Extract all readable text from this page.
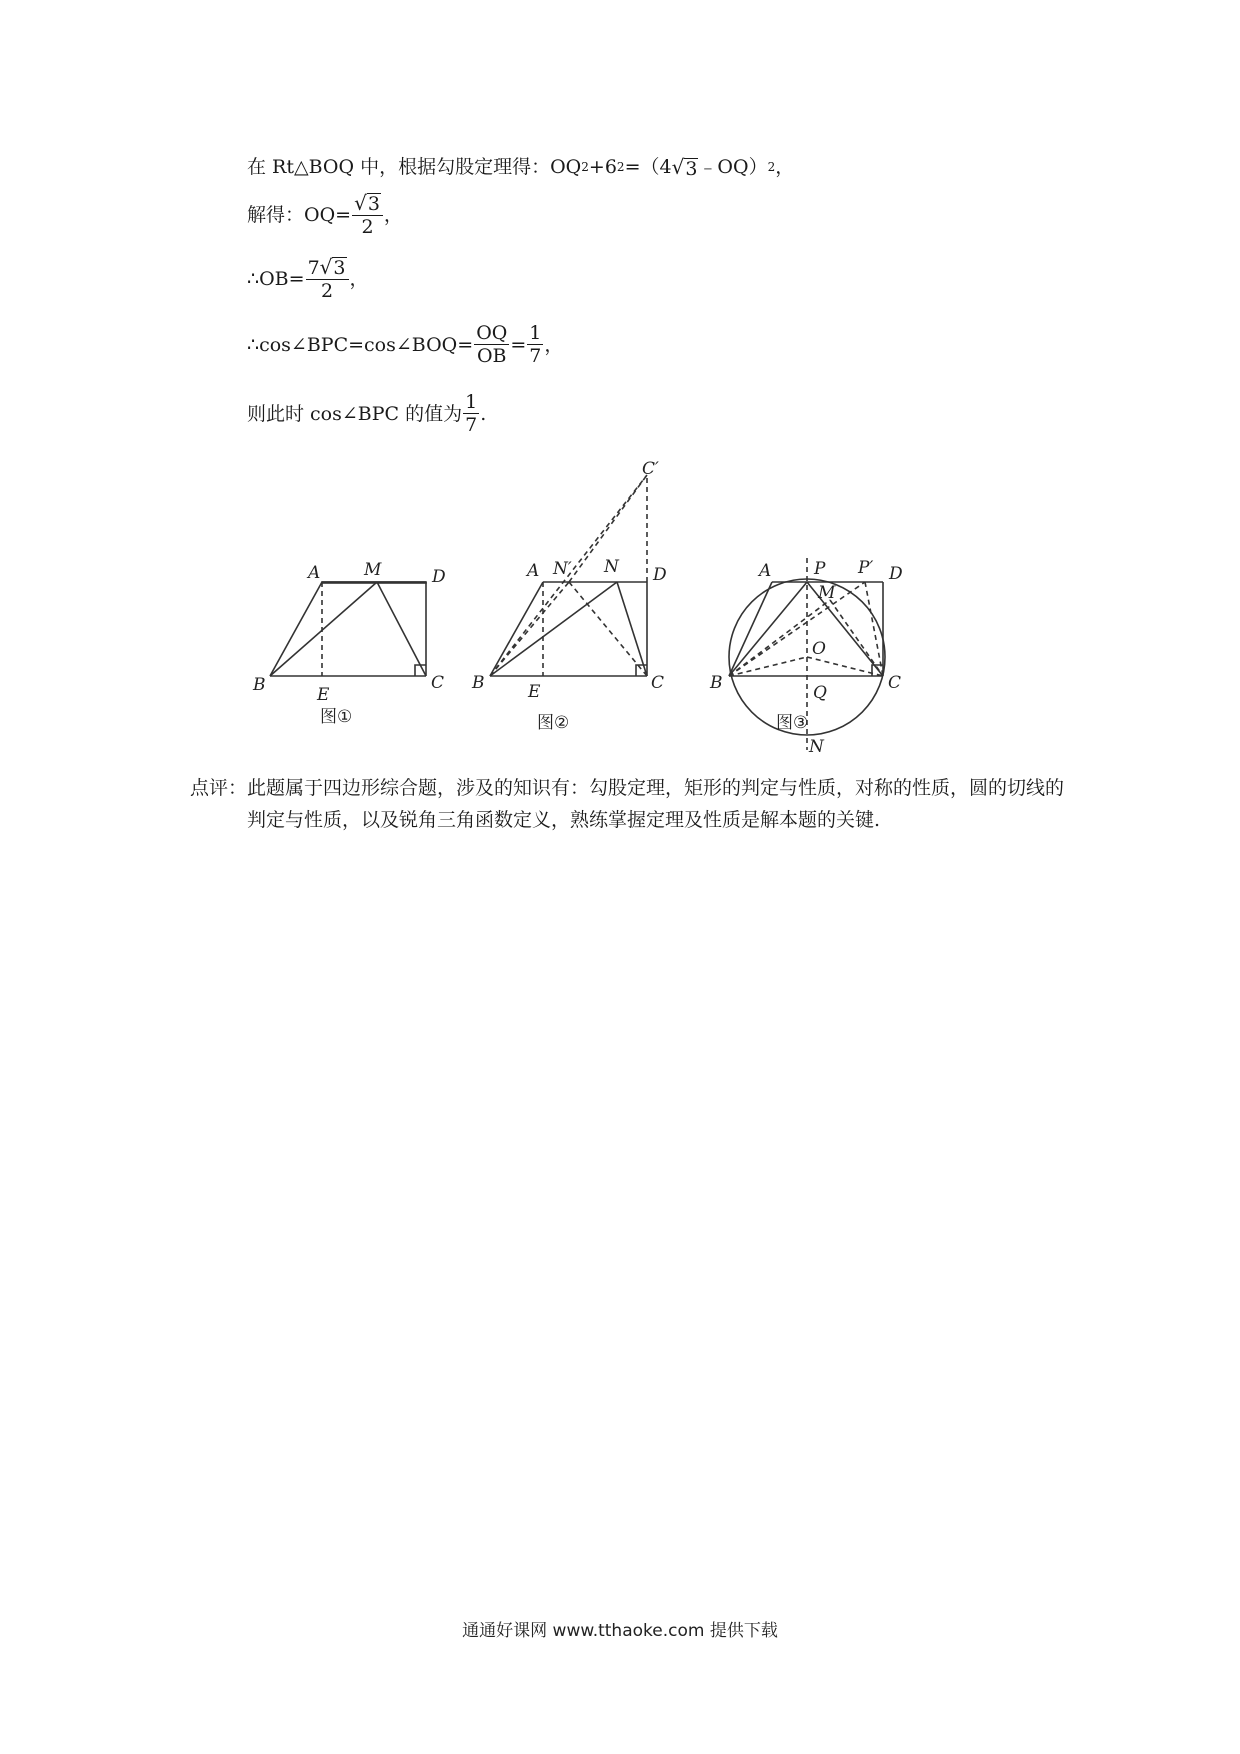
在 Rt△BOQ 中，根据勾股定理得：OQ 2 +6 2 =（4 √ 3 ﹣OQ） 2 ，
解得：$OQ= \frac{√ 3}{2}$ ，
∴OB= $\frac{7 √ 3}{2}$ ，
∴cos∠BPC=cos∠BOQ= $\frac{OQ}{OB} = \frac{1}{7}$ ，
则此时 cos∠BPC 的值为 $\frac{1}{7}$ .
A	M	D
B	E
C
图①
C′
A N′ N D
B	E	C
图②
A	P P′ D
M
O
B	Q	C
N
图③
点评： 此题属于四边形综合题，涉及的知识有：勾股定理，矩形的判定与性质，对称的性质，圆的切线的判定与性质，以及锐角三角函数定义，熟练掌握定理及性质是解本题的关键.
通通好课网 www.tthaoke.com 提供下载
